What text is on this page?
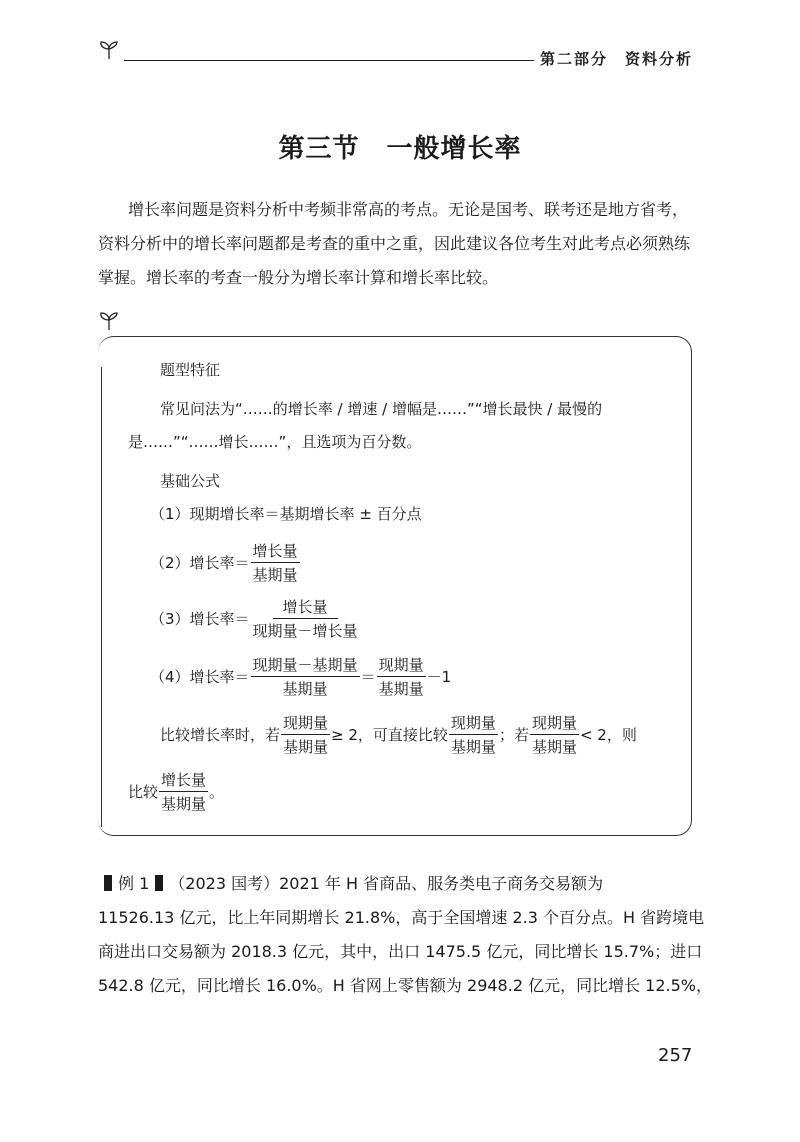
第二部分　资料分析
第三节　一般增长率
增长率问题是资料分析中考频非常高的考点。无论是国考、联考还是地方省考，
资料分析中的增长率问题都是考查的重中之重，因此建议各位考生对此考点必须熟练
掌握。增长率的考查一般分为增长率计算和增长率比较。
题型特征
常见问法为“……的增长率 / 增速 / 增幅是……”“增长最快 / 最慢的
是……”“……增长……”，且选项为百分数。
基础公式
（1）现期增长率＝基期增长率 ± 百分点
（2）增长率＝ $\frac{\text{增长量}}{\text{基期量}}$
（3）增长率＝ $\frac{\text{增长量}}{\text{现期量－增长量}}$
（4）增长率＝ $\frac{\text{现期量－基期量}}{\text{基期量}} = \frac{\text{现期量}}{\text{基期量}} -1$
比较增长率时，若 $\frac{\text{现期量}}{\text{基期量}} \ge 2$，可直接比较 $\frac{\text{现期量}}{\text{基期量}}$ ；若 $\frac{\text{现期量}}{\text{基期量}} < 2$，则
比较 $\frac{\text{增长量}}{\text{基期量}}$ 。
例 1 （2023 国考）2021 年 H 省商品、服务类电子商务交易额为
11526.13 亿元，比上年同期增长 21.8%，高于全国增速 2.3 个百分点。H 省跨境电
商进出口交易额为 2018.3 亿元，其中，出口 1475.5 亿元，同比增长 15.7%；进口
542.8 亿元，同比增长 16.0%。H 省网上零售额为 2948.2 亿元，同比增长 12.5%，
257
